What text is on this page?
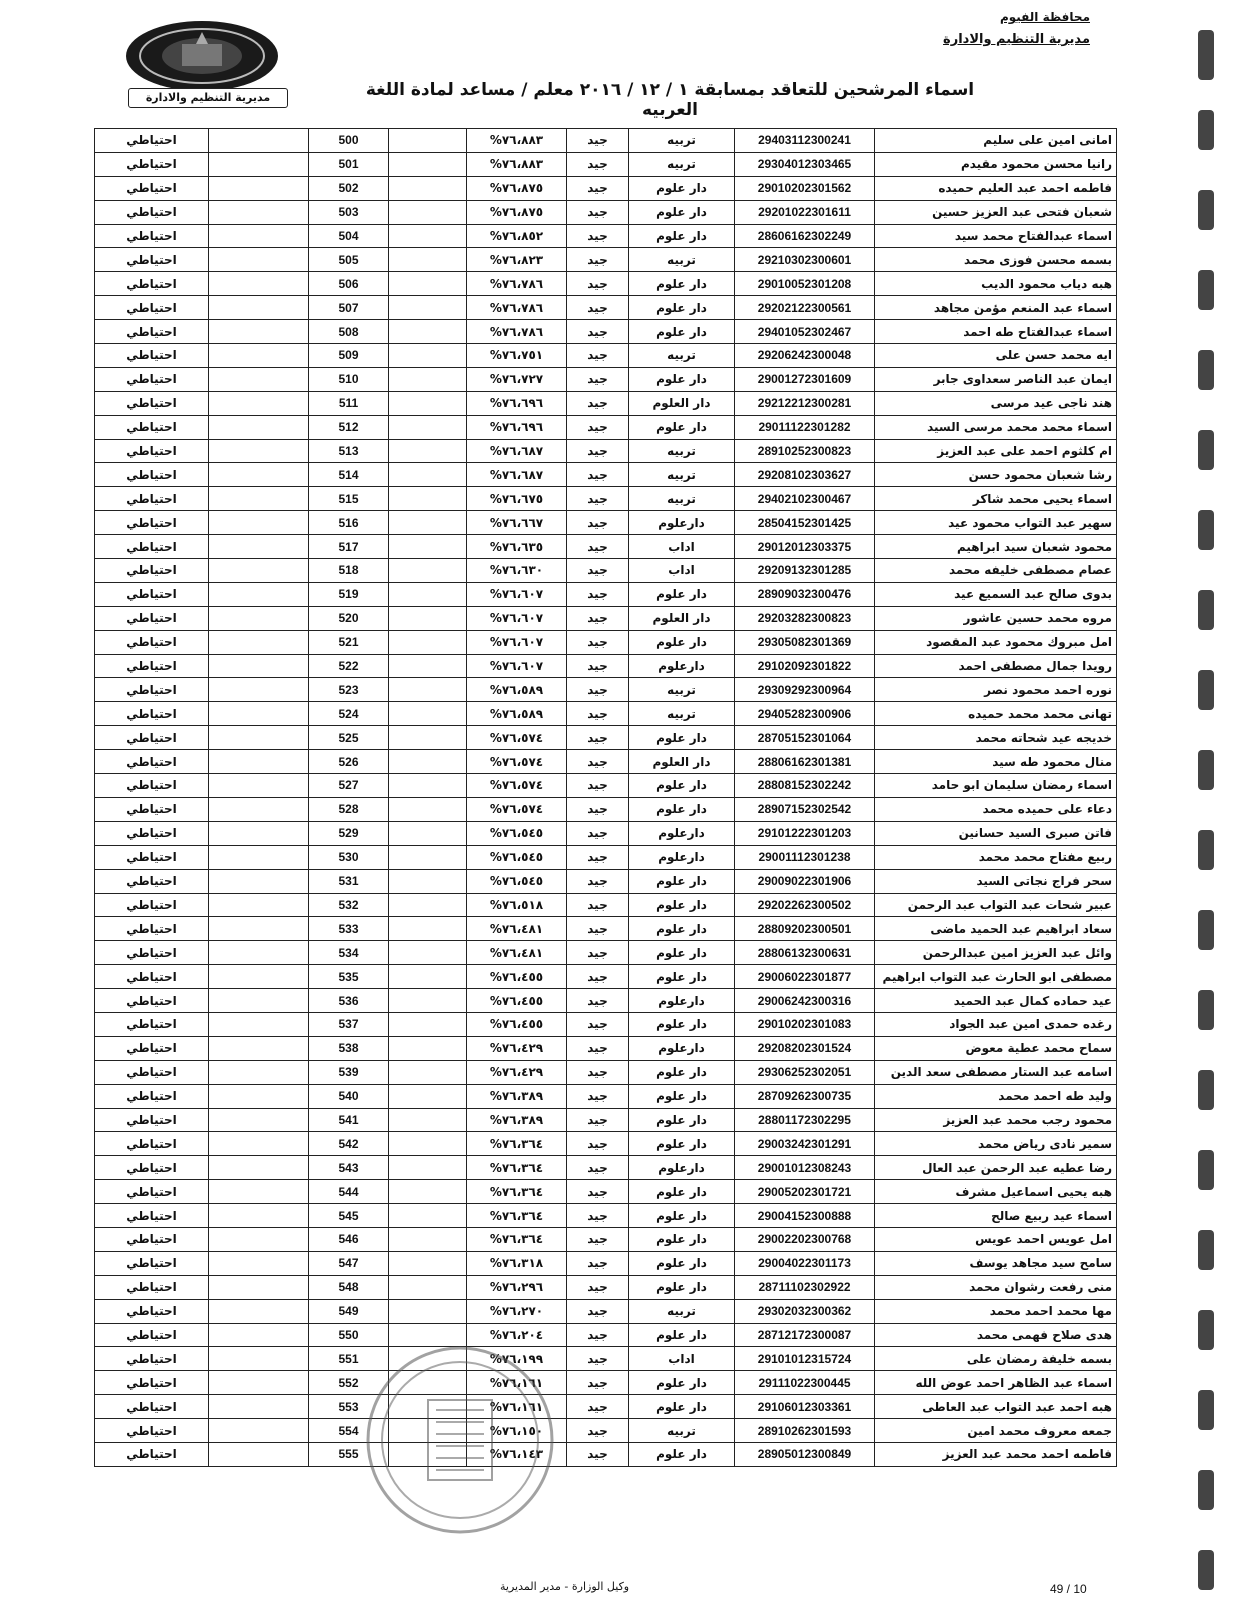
محافظة الفيوم
مديرية التنظيم والادارة
مديرية التنظيم والادارة	اسماء المرشحين للتعاقد بمسابقة ١ / ١٢ / ٢٠١٦ معلم / مساعد لمادة اللغة العربيه
امانى امين على سليم	29403112300241	تربيه	جيد	٧٦،٨٨٣%		500		احتياطي
رانيا محسن محمود مقيدم	29304012303465	تربيه	جيد	٧٦،٨٨٣%		501		احتياطي
فاطمه احمد عبد العليم حميده	29010202301562	دار علوم	جيد	٧٦،٨٧٥%		502		احتياطي
شعبان فتحى عبد العزيز حسين	29201022301611	دار علوم	جيد	٧٦،٨٧٥%		503		احتياطي
اسماء عبدالفتاح محمد سيد	28606162302249	دار علوم	جيد	٧٦،٨٥٢%		504		احتياطي
بسمه محسن فوزى محمد	29210302300601	تربيه	جيد	٧٦،٨٢٣%		505		احتياطي
هبه دياب محمود الديب	29010052301208	دار علوم	جيد	٧٦،٧٨٦%		506		احتياطي
اسماء عبد المنعم مؤمن مجاهد	29202122300561	دار علوم	جيد	٧٦،٧٨٦%		507		احتياطي
اسماء عبدالفتاح طه احمد	29401052302467	دار علوم	جيد	٧٦،٧٨٦%		508		احتياطي
ايه محمد حسن على	29206242300048	تربيه	جيد	٧٦،٧٥١%		509		احتياطي
ايمان عبد الناصر سعداوى جابر	29001272301609	دار علوم	جيد	٧٦،٧٢٧%		510		احتياطي
هند ناجى عيد مرسى	29212212300281	دار العلوم	جيد	٧٦،٦٩٦%		511		احتياطي
اسماء محمد محمد مرسى السيد	29011122301282	دار علوم	جيد	٧٦،٦٩٦%		512		احتياطي
ام كلثوم احمد على عبد العزيز	28910252300823	تربيه	جيد	٧٦،٦٨٧%		513		احتياطي
رشا شعبان محمود حسن	29208102303627	تربيه	جيد	٧٦،٦٨٧%		514		احتياطي
اسماء يحيى محمد شاكر	29402102300467	تربيه	جيد	٧٦،٦٧٥%		515		احتياطي
سهير عبد التواب محمود عيد	28504152301425	دارعلوم	جيد	٧٦،٦٦٧%		516		احتياطي
محمود شعبان سيد ابراهيم	29012012303375	اداب	جيد	٧٦،٦٣٥%		517		احتياطي
عصام مصطفى خليفه محمد	29209132301285	اداب	جيد	٧٦،٦٣٠%		518		احتياطي
بدوى صالح عبد السميع عيد	28909032300476	دار علوم	جيد	٧٦،٦٠٧%		519		احتياطي
مروه محمد حسين عاشور	29203282300823	دار العلوم	جيد	٧٦،٦٠٧%		520		احتياطي
امل مبروك محمود عبد المقصود	29305082301369	دار علوم	جيد	٧٦،٦٠٧%		521		احتياطي
رويدا جمال مصطفى احمد	29102092301822	دارعلوم	جيد	٧٦،٦٠٧%		522		احتياطي
نوره احمد محمود نصر	29309292300964	تربيه	جيد	٧٦،٥٨٩%		523		احتياطي
تهانى محمد محمد حميده	29405282300906	تربيه	جيد	٧٦،٥٨٩%		524		احتياطي
خديجه عيد شحاته محمد	28705152301064	دار علوم	جيد	٧٦،٥٧٤%		525		احتياطي
منال محمود طه سيد	28806162301381	دار العلوم	جيد	٧٦،٥٧٤%		526		احتياطي
اسماء رمضان سليمان ابو حامد	28808152302242	دار علوم	جيد	٧٦،٥٧٤%		527		احتياطي
دعاء على حميده محمد	28907152302542	دار علوم	جيد	٧٦،٥٧٤%		528		احتياطي
فاتن صبرى السيد حسانين	29101222301203	دارعلوم	جيد	٧٦،٥٤٥%		529		احتياطي
ربيع مفتاح محمد محمد	29001112301238	دارعلوم	جيد	٧٦،٥٤٥%		530		احتياطي
سحر فراج نجاتى السيد	29009022301906	دار علوم	جيد	٧٦،٥٤٥%		531		احتياطي
عبير شحات عبد التواب عبد الرحمن	29202262300502	دار علوم	جيد	٧٦،٥١٨%		532		احتياطي
سعاد ابراهيم عبد الحميد ماضى	28809202300501	دار علوم	جيد	٧٦،٤٨١%		533		احتياطي
وائل عبد العزيز امين عبدالرحمن	28806132300631	دار علوم	جيد	٧٦،٤٨١%		534		احتياطي
مصطفى ابو الحارث عبد التواب ابراهيم	29006022301877	دار علوم	جيد	٧٦،٤٥٥%		535		احتياطي
عيد حماده كمال عبد الحميد	29006242300316	دارعلوم	جيد	٧٦،٤٥٥%		536		احتياطي
رغده حمدى امين عبد الجواد	29010202301083	دار علوم	جيد	٧٦،٤٥٥%		537		احتياطي
سماح محمد عطية معوض	29208202301524	دارعلوم	جيد	٧٦،٤٢٩%		538		احتياطي
اسامه عبد الستار مصطفى سعد الدين	29306252302051	دار علوم	جيد	٧٦،٤٢٩%		539		احتياطي
وليد طه احمد محمد	28709262300735	دار علوم	جيد	٧٦،٣٨٩%		540		احتياطي
محمود رجب محمد عبد العزيز	28801172302295	دار علوم	جيد	٧٦،٣٨٩%		541		احتياطي
سمير نادى رياض محمد	29003242301291	دار علوم	جيد	٧٦،٣٦٤%		542		احتياطي
رضا عطيه عبد الرحمن عبد العال	29001012308243	دارعلوم	جيد	٧٦،٣٦٤%		543		احتياطي
هبه يحيى اسماعيل مشرف	29005202301721	دار علوم	جيد	٧٦،٣٦٤%		544		احتياطي
اسماء عيد ربيع صالح	29004152300888	دار علوم	جيد	٧٦،٣٦٤%		545		احتياطي
امل عويس احمد عويس	29002202300768	دار علوم	جيد	٧٦،٣٦٤%		546		احتياطي
سامح سيد مجاهد يوسف	29004022301173	دار علوم	جيد	٧٦،٣١٨%		547		احتياطي
منى رفعت رشوان محمد	28711102302922	دار علوم	جيد	٧٦،٢٩٦%		548		احتياطي
مها محمد احمد محمد	29302032300362	تربيه	جيد	٧٦،٢٧٠%		549		احتياطي
هدى صلاح فهمى محمد	28712172300087	دار علوم	جيد	٧٦،٢٠٤%		550		احتياطي
بسمه خليفة رمضان على	29101012315724	اداب	جيد	٧٦،١٩٩%		551		احتياطي
اسماء عبد الظاهر احمد عوض الله	29111022300445	دار علوم	جيد	٧٦،١٦١%		552		احتياطي
هبه احمد عبد التواب عبد العاطى	29106012303361	دار علوم	جيد	٧٦،١٦١%		553		احتياطي
جمعه معروف محمد امين	28910262301593	تربيه	جيد	٧٦،١٥٠%		554		احتياطي
فاطمه احمد محمد عبد العزيز	28905012300849	دار علوم	جيد	٧٦،١٤٣%		555		احتياطي
وكيل الوزارة - مدير المديرية	49 / 10
